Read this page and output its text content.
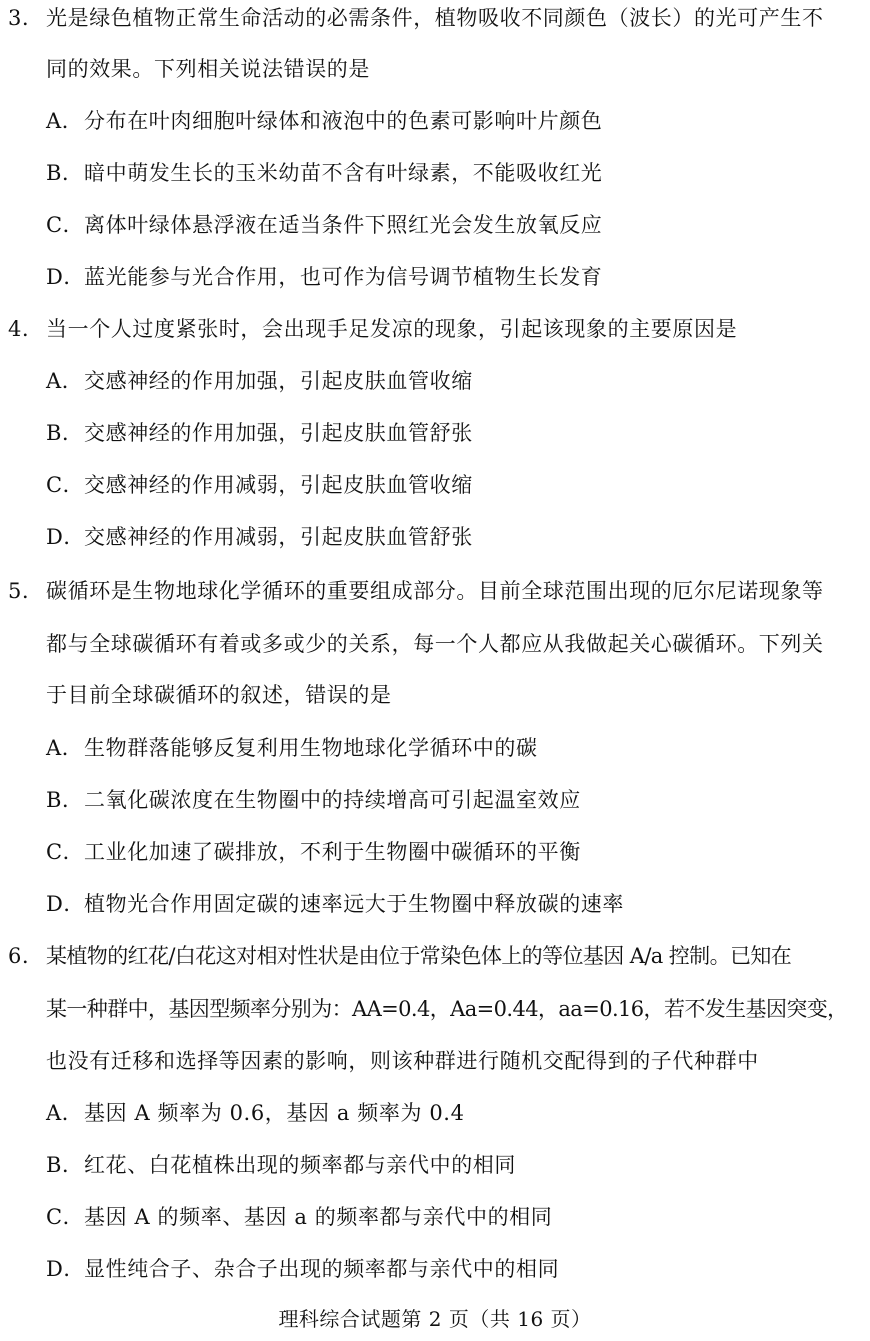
3． 光是绿色植物正常生命活动的必需条件，植物吸收不同颜色（波长）的光可产生不
同的效果。下列相关说法错误的是
A．分布在叶肉细胞叶绿体和液泡中的色素可影响叶片颜色
B．暗中萌发生长的玉米幼苗不含有叶绿素，不能吸收红光
C．离体叶绿体悬浮液在适当条件下照红光会发生放氧反应
D．蓝光能参与光合作用，也可作为信号调节植物生长发育
4． 当一个人过度紧张时，会出现手足发凉的现象，引起该现象的主要原因是
A．交感神经的作用加强，引起皮肤血管收缩
B．交感神经的作用加强，引起皮肤血管舒张
C．交感神经的作用减弱，引起皮肤血管收缩
D．交感神经的作用减弱，引起皮肤血管舒张
5． 碳循环是生物地球化学循环的重要组成部分。目前全球范围出现的厄尔尼诺现象等
都与全球碳循环有着或多或少的关系，每一个人都应从我做起关心碳循环。下列关
于目前全球碳循环的叙述，错误的是
A．生物群落能够反复利用生物地球化学循环中的碳
B．二氧化碳浓度在生物圈中的持续增高可引起温室效应
C．工业化加速了碳排放，不利于生物圈中碳循环的平衡
D．植物光合作用固定碳的速率远大于生物圈中释放碳的速率
6． 某植物的红花/白花这对相对性状是由位于常染色体上的等位基因 A/a 控制。已知在
某一种群中，基因型频率分别为：AA=0.4，Aa=0.44，aa=0.16，若不发生基因突变，
也没有迁移和选择等因素的影响，则该种群进行随机交配得到的子代种群中
A．基因 A 频率为 0.6，基因 a 频率为 0.4
B．红花、白花植株出现的频率都与亲代中的相同
C．基因 A 的频率、基因 a 的频率都与亲代中的相同
D．显性纯合子、杂合子出现的频率都与亲代中的相同
理科综合试题第 2 页（共 16 页）
